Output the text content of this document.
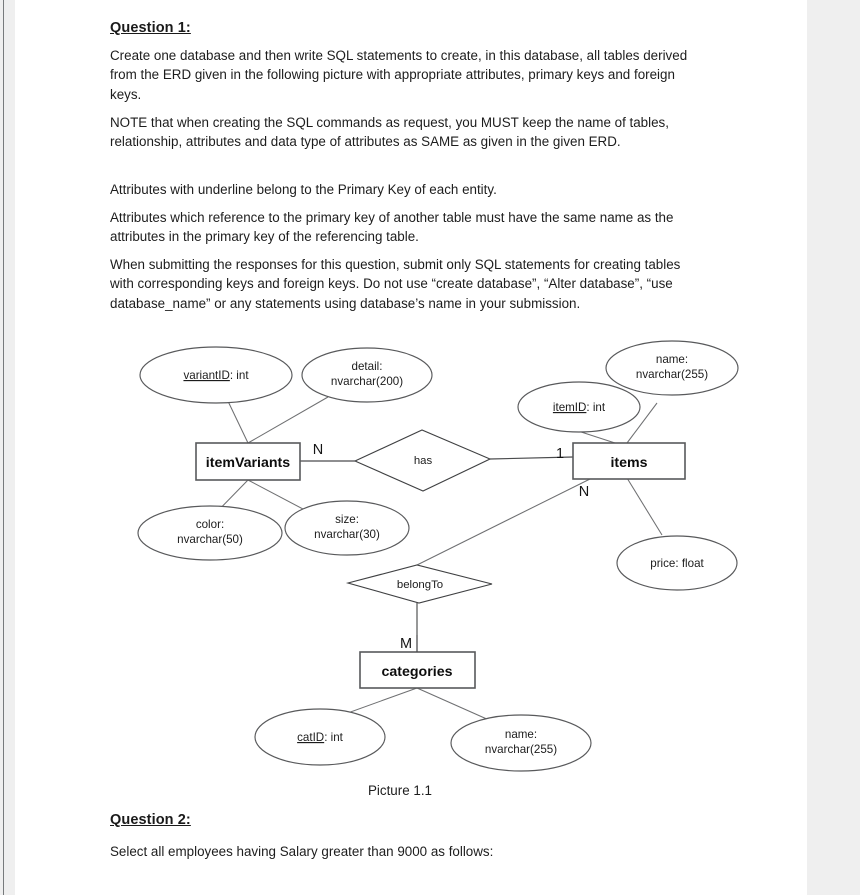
Question 1:

Create one database and then write SQL statements to create, in this database, all tables derived from the ERD given in the following picture with appropriate attributes, primary keys and foreign keys.

NOTE that when creating the SQL commands as request, you MUST keep the name of tables, relationship, attributes and data type of attributes as SAME as given in the given ERD.

Attributes with underline belong to the Primary Key of each entity.

Attributes which reference to the primary key of another table must have the same name as the attributes in the primary key of the referencing table.

When submitting the responses for this question, submit only SQL statements for creating tables with corresponding keys and foreign keys. Do not use “create database”, “Alter database”, “use database_name” or any statements using database’s name in your submission.

Question 2:

Select all employees having Salary greater than 9000 as follows:

variantID: int
detail:
nvarchar(200)
color:
nvarchar(50)
size:
nvarchar(30)
itemID: int
name:
nvarchar(255)
price: float
catID: int	name:
nvarchar(255)
has
belongTo
itemVariants	items
categories
N	1
N
M
Picture 1.1
